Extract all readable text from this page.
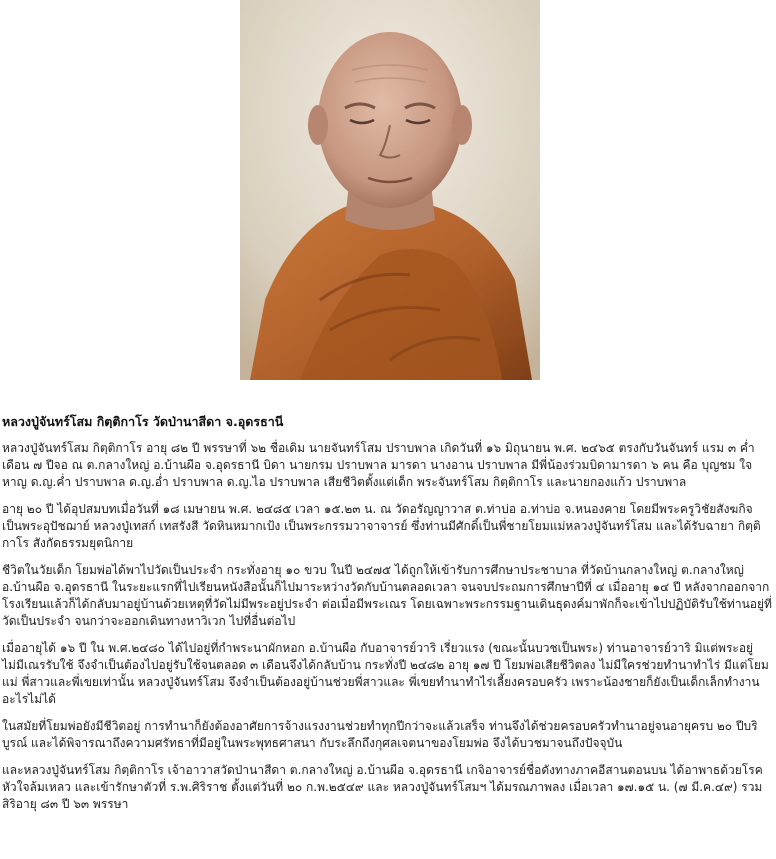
หลวงปู่จันทร์โสม กิตฺติกาโร วัดป่านาสีดา จ.อุดรธานี

หลวงปู่จันทร์โสม กิตฺติกาโร อายุ ๘๒ ปี พรรษาที่ ๖๒ ชื่อเดิม นายจันทร์โสม ปราบพาล เกิดวันที่ ๑๖ มิถุนายน พ.ศ. ๒๔๖๕ ตรงกับวันจันทร์ แรม ๓ ค่ำ เดือน ๗ ปีจอ ณ ต.กลางใหญ่ อ.บ้านผือ จ.อุดรธานี บิดา นายกรม ปราบพาล มารดา นางอาน ปราบพาล มีพี่น้องร่วมบิดามารดา ๖ คน คือ บุญชม ใจหาญ ด.ญ.ค่ำ ปราบพาล ด.ญ.อ่ำ ปราบพาล ด.ญ.ไอ ปราบพาล เสียชีวิตตั้งแต่เด็ก พระจันทร์โสม กิตฺติกาโร และนายกองแก้ว ปราบพาล

อายุ ๒๐ ปี ได้อุปสมบทเมื่อวันที่ ๑๘ เมษายน พ.ศ. ๒๔๘๕ เวลา ๑๕.๒๓ น. ณ วัดอรัญญาวาส ต.ท่าบ่อ อ.ท่าบ่อ จ.หนองคาย โดยมีพระครูวิชัยสังฆกิจ เป็นพระอุปัชฌาย์ หลวงปู่เทสก์ เทสรังสี วัดหินหมากเป้ง เป็นพระกรรมวาจาจารย์ ซึ่งท่านมีศักดิ์เป็นพี่ชายโยมแม่หลวงปู่จันทร์โสม และได้รับฉายา กิตฺติกาโร สังกัดธรรมยุตนิกาย

ชีวิตในวัยเด็ก โยมพ่อได้พาไปวัดเป็นประจำ กระทั่งอายุ ๑๐ ขวบ ในปี ๒๔๗๕ ได้ถูกให้เข้ารับการศึกษาประชาบาล ที่วัดบ้านกลางใหญ่ ต.กลางใหญ่ อ.บ้านผือ จ.อุดรธานี ในระยะแรกที่ไปเรียนหนังสือนั้นก็ไปมาระหว่างวัดกับบ้านตลอดเวลา จนจบประถมการศึกษาปีที่ ๔ เมื่ออายุ ๑๔ ปี หลังจากออกจากโรงเรียนแล้วก็ได้กลับมาอยู่บ้านด้วยเหตุที่วัดไม่มีพระอยู่ประจำ ต่อเมื่อมีพระเณร โดยเฉพาะพระกรรมฐานเดินธุดงค์มาพักก็จะเข้าไปปฏิบัติรับใช้ท่านอยู่ที่วัดเป็นประจำ จนกว่าจะออกเดินทางหาวิเวก ไปที่อื่นต่อไป

เมื่ออายุได้ ๑๖ ปี ใน พ.ศ.๒๔๘๐ ได้ไปอยู่ที่กำพระนาผักหอก อ.บ้านผือ กับอาจารย์วาริ เรี่ยวแรง (ขณะนั้นบวชเป็นพระ) ท่านอาจารย์วาริ มิแต่พระอยู่ไม่มีเณรรับใช้ จึงจำเป็นต้องไปอยู่รับใช้จนตลอด ๓ เดือนจึงได้กลับบ้าน กระทั่งปี ๒๔๘๒ อายุ ๑๗ ปี โยมพ่อเสียชีวิตลง ไม่มีใครช่วยทำนาทำไร่ มีแต่โยมแม่ พี่สาวและพี่เขยเท่านั้น หลวงปู่จันทร์โสม จึงจำเป็นต้องอยู่บ้านช่วยพี่สาวและ พี่เขยทำนาทำไร่เลี้ยงครอบครัว เพราะน้องชายก็ยังเป็นเด็กเล็กทำงานอะไรไม่ได้

ในสมัยที่โยมพ่อยังมีชีวิตอยู่ การทำนาก็ยังต้องอาศัยการจ้างแรงงานช่วยทำทุกปีกว่าจะแล้วเสร็จ ท่านจึงได้ช่วยครอบครัวทำนาอยู่จนอายุครบ ๒๐ ปีบริบูรณ์ และได้พิจารณาถึงความศรัทธาที่มีอยู่ในพระพุทธศาสนา กับระลึกถึงกุศลเจตนาของโยมพ่อ จึงได้บวชมาจนถึงปัจจุบัน

และหลวงปู่จันทร์โสม กิตฺติกาโร เจ้าอาวาสวัดป่านาสีดา ต.กลางใหญ่ อ.บ้านผือ จ.อุดรธานี เกจิอาจารย์ชื่อดังทางภาคอีสานตอนบน ได้อาพาธด้วยโรคหัวใจล้มเหลว และเข้ารักษาตัวที่ ร.พ.ศิริราช ตั้งแต่วันที่ ๒๐ ก.พ.๒๕๔๙ และ หลวงปู่จันทร์โสมฯ ได้มรณภาพลง เมื่อเวลา ๑๗.๑๕ น. (๗ มี.ค.๔๙) รวมสิริอายุ ๘๓ ปี ๖๓ พรรษา
